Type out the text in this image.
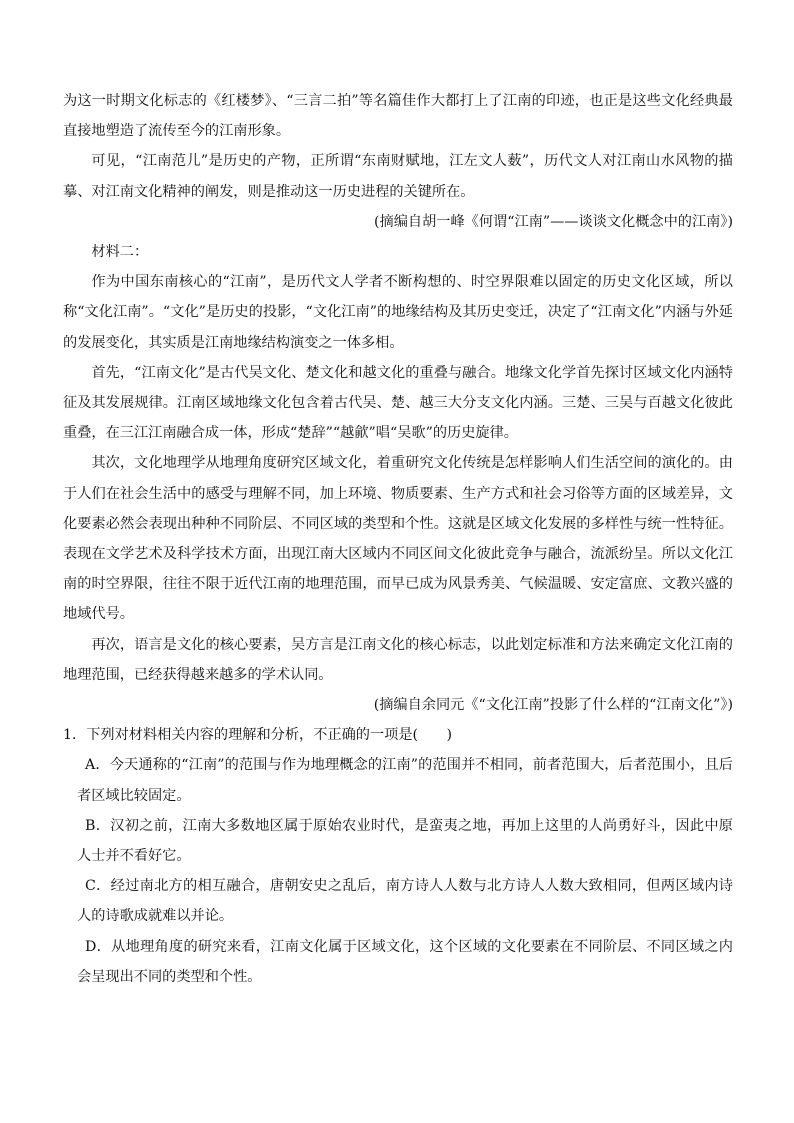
为这一时期文化标志的《红楼梦》、“三言二拍”等名篇佳作大都打上了江南的印迹，也正是这些文化经典最直接地塑造了流传至今的江南形象。

可见，“江南范儿”是历史的产物，正所谓“东南财赋地，江左文人薮”，历代文人对江南山水风物的描摹、对江南文化精神的阐发，则是推动这一历史进程的关键所在。

(摘编自胡一峰《何谓“江南”——谈谈文化概念中的江南》)

材料二：

作为中国东南核心的“江南”，是历代文人学者不断构想的、时空界限难以固定的历史文化区域，所以称“文化江南”。“文化”是历史的投影，“文化江南”的地缘结构及其历史变迁，决定了“江南文化”内涵与外延的发展变化，其实质是江南地缘结构演变之一体多相。

首先，“江南文化”是古代吴文化、楚文化和越文化的重叠与融合。地缘文化学首先探讨区域文化内涵特征及其发展规律。江南区域地缘文化包含着古代吴、楚、越三大分支文化内涵。三楚、三吴与百越文化彼此重叠，在三江江南融合成一体，形成“楚辞”“越歈”唱“吴歌”的历史旋律。

其次，文化地理学从地理角度研究区域文化，着重研究文化传统是怎样影响人们生活空间的演化的。由于人们在社会生活中的感受与理解不同，加上环境、物质要素、生产方式和社会习俗等方面的区域差异，文化要素必然会表现出种种不同阶层、不同区域的类型和个性。这就是区域文化发展的多样性与统一性特征。表现在文学艺术及科学技术方面，出现江南大区域内不同区间文化彼此竞争与融合，流派纷呈。所以文化江南的时空界限，往往不限于近代江南的地理范围，而早已成为风景秀美、气候温暖、安定富庶、文教兴盛的地域代号。

再次，语言是文化的核心要素，吴方言是江南文化的核心标志，以此划定标准和方法来确定文化江南的地理范围，已经获得越来越多的学术认同。

(摘编自余同元《“文化江南”投影了什么样的“江南文化”》)

1．下列对材料相关内容的理解和分析，不正确的一项是(　　)

A．今天通称的“江南”的范围与作为地理概念的江南”的范围并不相同，前者范围大，后者范围小，且后者区域比较固定。

B．汉初之前，江南大多数地区属于原始农业时代，是蛮夷之地，再加上这里的人尚勇好斗，因此中原人士并不看好它。

C．经过南北方的相互融合，唐朝安史之乱后，南方诗人人数与北方诗人人数大致相同，但两区域内诗人的诗歌成就难以并论。

D．从地理角度的研究来看，江南文化属于区域文化，这个区域的文化要素在不同阶层、不同区域之内会呈现出不同的类型和个性。
